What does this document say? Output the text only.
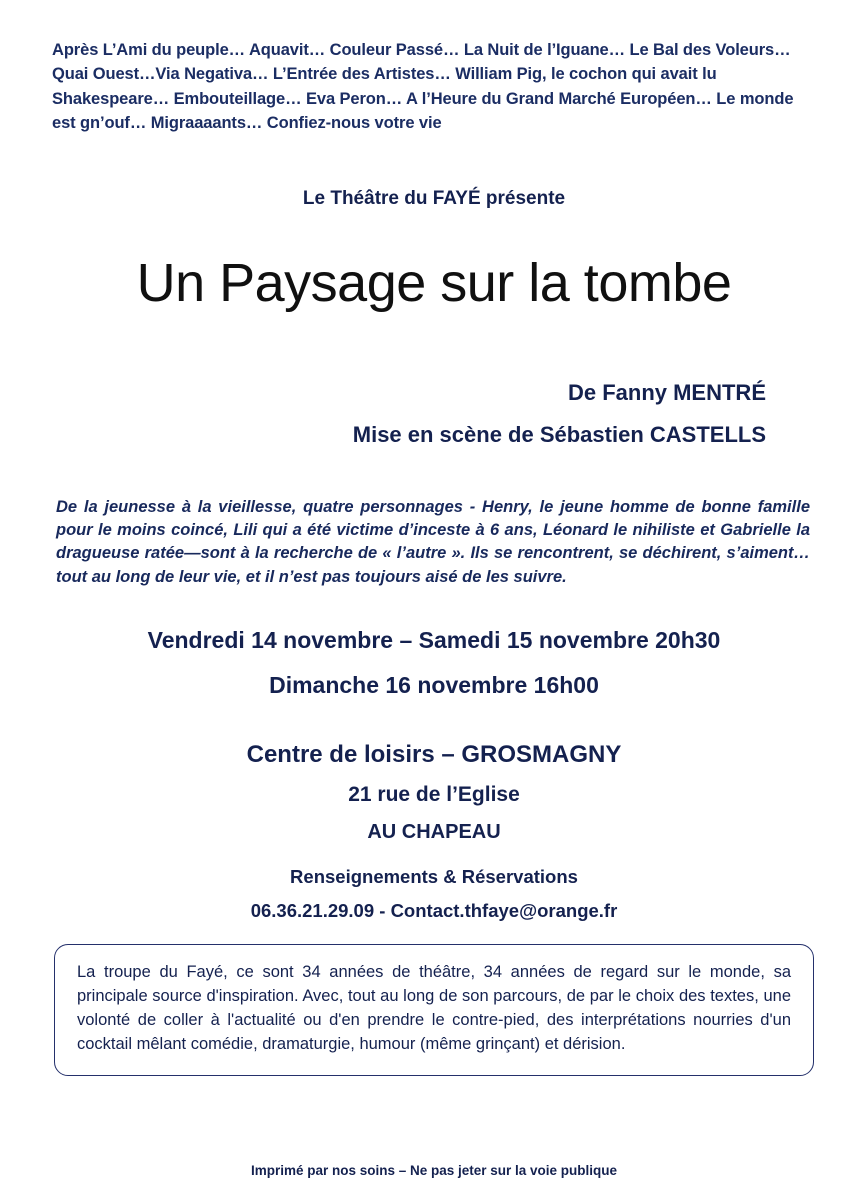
Après L’Ami du peuple… Aquavit… Couleur Passé… La Nuit de l’Iguane… Le Bal des Voleurs… Quai Ouest…Via Negativa… L’Entrée des Artistes… William Pig, le cochon qui avait lu Shakespeare… Embouteillage… Eva Peron… A l’Heure du Grand Marché Européen… Le monde est gn’ouf… Migraaaants… Confiez-nous votre vie
Le Théâtre du FAYÉ présente
Un Paysage sur la tombe
De Fanny MENTRÉ
Mise en scène de Sébastien CASTELLS
De la jeunesse à la vieillesse, quatre personnages - Henry, le jeune homme de bonne famille pour le moins coincé, Lili qui a été victime d’inceste à 6 ans, Léonard le nihiliste et Gabrielle la dragueuse ratée—sont à la recherche de « l’autre ». Ils se rencontrent, se déchirent, s’aiment… tout au long de leur vie, et il n’est pas toujours aisé de les suivre.
Vendredi 14 novembre – Samedi 15 novembre 20h30
Dimanche 16 novembre 16h00
Centre de loisirs – GROSMAGNY
21 rue de l’Eglise
AU CHAPEAU
Renseignements & Réservations
06.36.21.29.09 - Contact.thfaye@orange.fr
La troupe du Fayé, ce sont 34 années de théâtre, 34 années de regard sur le monde, sa principale source d'inspiration. Avec, tout au long de son parcours, de par le choix des textes, une volonté de coller à l'actualité ou d'en prendre le contre-pied, des interprétations nourries d'un cocktail mêlant comédie, dramaturgie, humour (même grinçant) et dérision.
Imprimé par nos soins – Ne pas jeter sur la voie publique
